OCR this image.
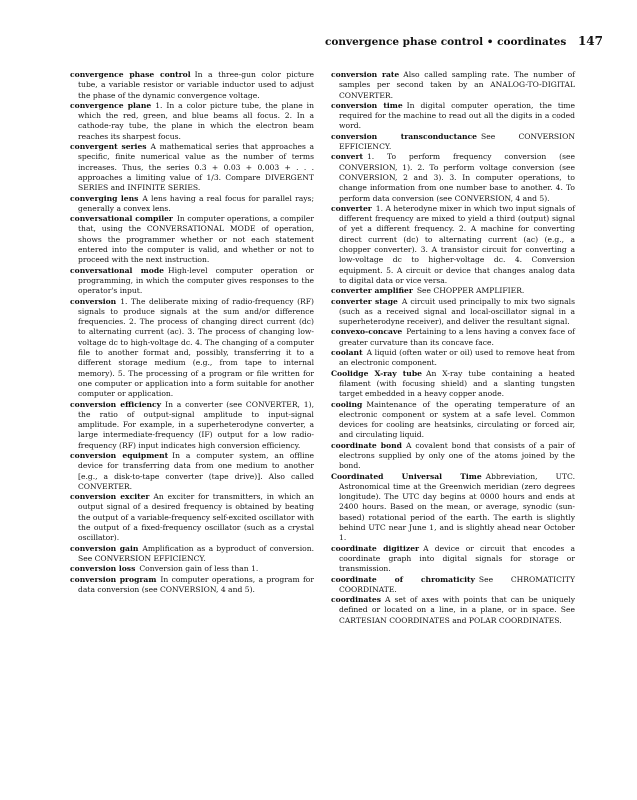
convergence phase control • coordinates 147

convergence phase control In a three-gun color picture tube, a variable resistor or variable inductor used to adjust the phase of the dynamic convergence voltage.

convergence plane 1. In a color picture tube, the plane in which the red, green, and blue beams all focus. 2. In a cathode-ray tube, the plane in which the electron beam reaches its sharpest focus.

convergent series A mathematical series that approaches a specific, finite numerical value as the number of terms increases. Thus, the series 0.3 + 0.03 + 0.003 + . . . approaches a limiting value of 1/3. Compare DIVERGENT SERIES and INFINITE SERIES.

converging lens A lens having a real focus for parallel rays; generally a convex lens.

conversational compiler In computer operations, a compiler that, using the CONVERSATIONAL MODE of operation, shows the programmer whether or not each statement entered into the computer is valid, and whether or not to proceed with the next instruction.

conversational mode High-level computer operation or programming, in which the computer gives responses to the operator's input.

conversion 1. The deliberate mixing of radio-frequency (RF) signals to produce signals at the sum and/or difference frequencies. 2. The process of changing direct current (dc) to alternating current (ac). 3. The process of changing low-voltage dc to high-voltage dc. 4. The changing of a computer file to another format and, possibly, transferring it to a different storage medium (e.g., from tape to internal memory). 5. The processing of a program or file written for one computer or application into a form suitable for another computer or application.

conversion efficiency In a converter (see CONVERTER, 1), the ratio of output-signal amplitude to input-signal amplitude. For example, in a superheterodyne converter, a large intermediate-frequency (IF) output for a low radio-frequency (RF) input indicates high conversion efficiency.

conversion equipment In a computer system, an offline device for transferring data from one medium to another [e.g., a disk-to-tape converter (tape drive)]. Also called CONVERTER.

conversion exciter An exciter for transmitters, in which an output signal of a desired frequency is obtained by beating the output of a variable-frequency self-excited oscillator with the output of a fixed-frequency oscillator (such as a crystal oscillator).

conversion gain Amplification as a byproduct of conversion. See CONVERSION EFFICIENCY.

conversion loss Conversion gain of less than 1.

conversion program In computer operations, a program for data conversion (see CONVERSION, 4 and 5).

conversion rate Also called sampling rate. The number of samples per second taken by an ANALOG-TO-DIGITAL CONVERTER.

conversion time In digital computer operation, the time required for the machine to read out all the digits in a coded word.

conversion transconductance See CONVERSION EFFICIENCY.

convert 1. To perform frequency conversion (see CONVERSION, 1). 2. To perform voltage conversion (see CONVERSION, 2 and 3). 3. In computer operations, to change information from one number base to another. 4. To perform data conversion (see CONVERSION, 4 and 5).

converter 1. A heterodyne mixer in which two input signals of different frequency are mixed to yield a third (output) signal of yet a different frequency. 2. A machine for converting direct current (dc) to alternating current (ac) (e.g., a chopper converter). 3. A transistor circuit for converting a low-voltage dc to higher-voltage dc. 4. Conversion equipment. 5. A circuit or device that changes analog data to digital data or vice versa.

converter amplifier See CHOPPER AMPLIFIER.

converter stage A circuit used principally to mix two signals (such as a received signal and local-oscillator signal in a superheterodyne receiver), and deliver the resultant signal.

convexo-concave Pertaining to a lens having a convex face of greater curvature than its concave face.

coolant A liquid (often water or oil) used to remove heat from an electronic component.

Coolidge X-ray tube An X-ray tube containing a heated filament (with focusing shield) and a slanting tungsten target embedded in a heavy copper anode.

cooling Maintenance of the operating temperature of an electronic component or system at a safe level. Common devices for cooling are heatsinks, circulating or forced air, and circulating liquid.

coordinate bond A covalent bond that consists of a pair of electrons supplied by only one of the atoms joined by the bond.

Coordinated Universal Time Abbreviation, UTC. Astronomical time at the Greenwich meridian (zero degrees longitude). The UTC day begins at 0000 hours and ends at 2400 hours. Based on the mean, or average, synodic (sun-based) rotational period of the earth. The earth is slightly behind UTC near June 1, and is slightly ahead near October 1.

coordinate digitizer A device or circuit that encodes a coordinate graph into digital signals for storage or transmission.

coordinate of chromaticity See CHROMATICITY COORDINATE.

coordinates A set of axes with points that can be uniquely defined or located on a line, in a plane, or in space. See CARTESIAN COORDINATES and POLAR COORDINATES.
